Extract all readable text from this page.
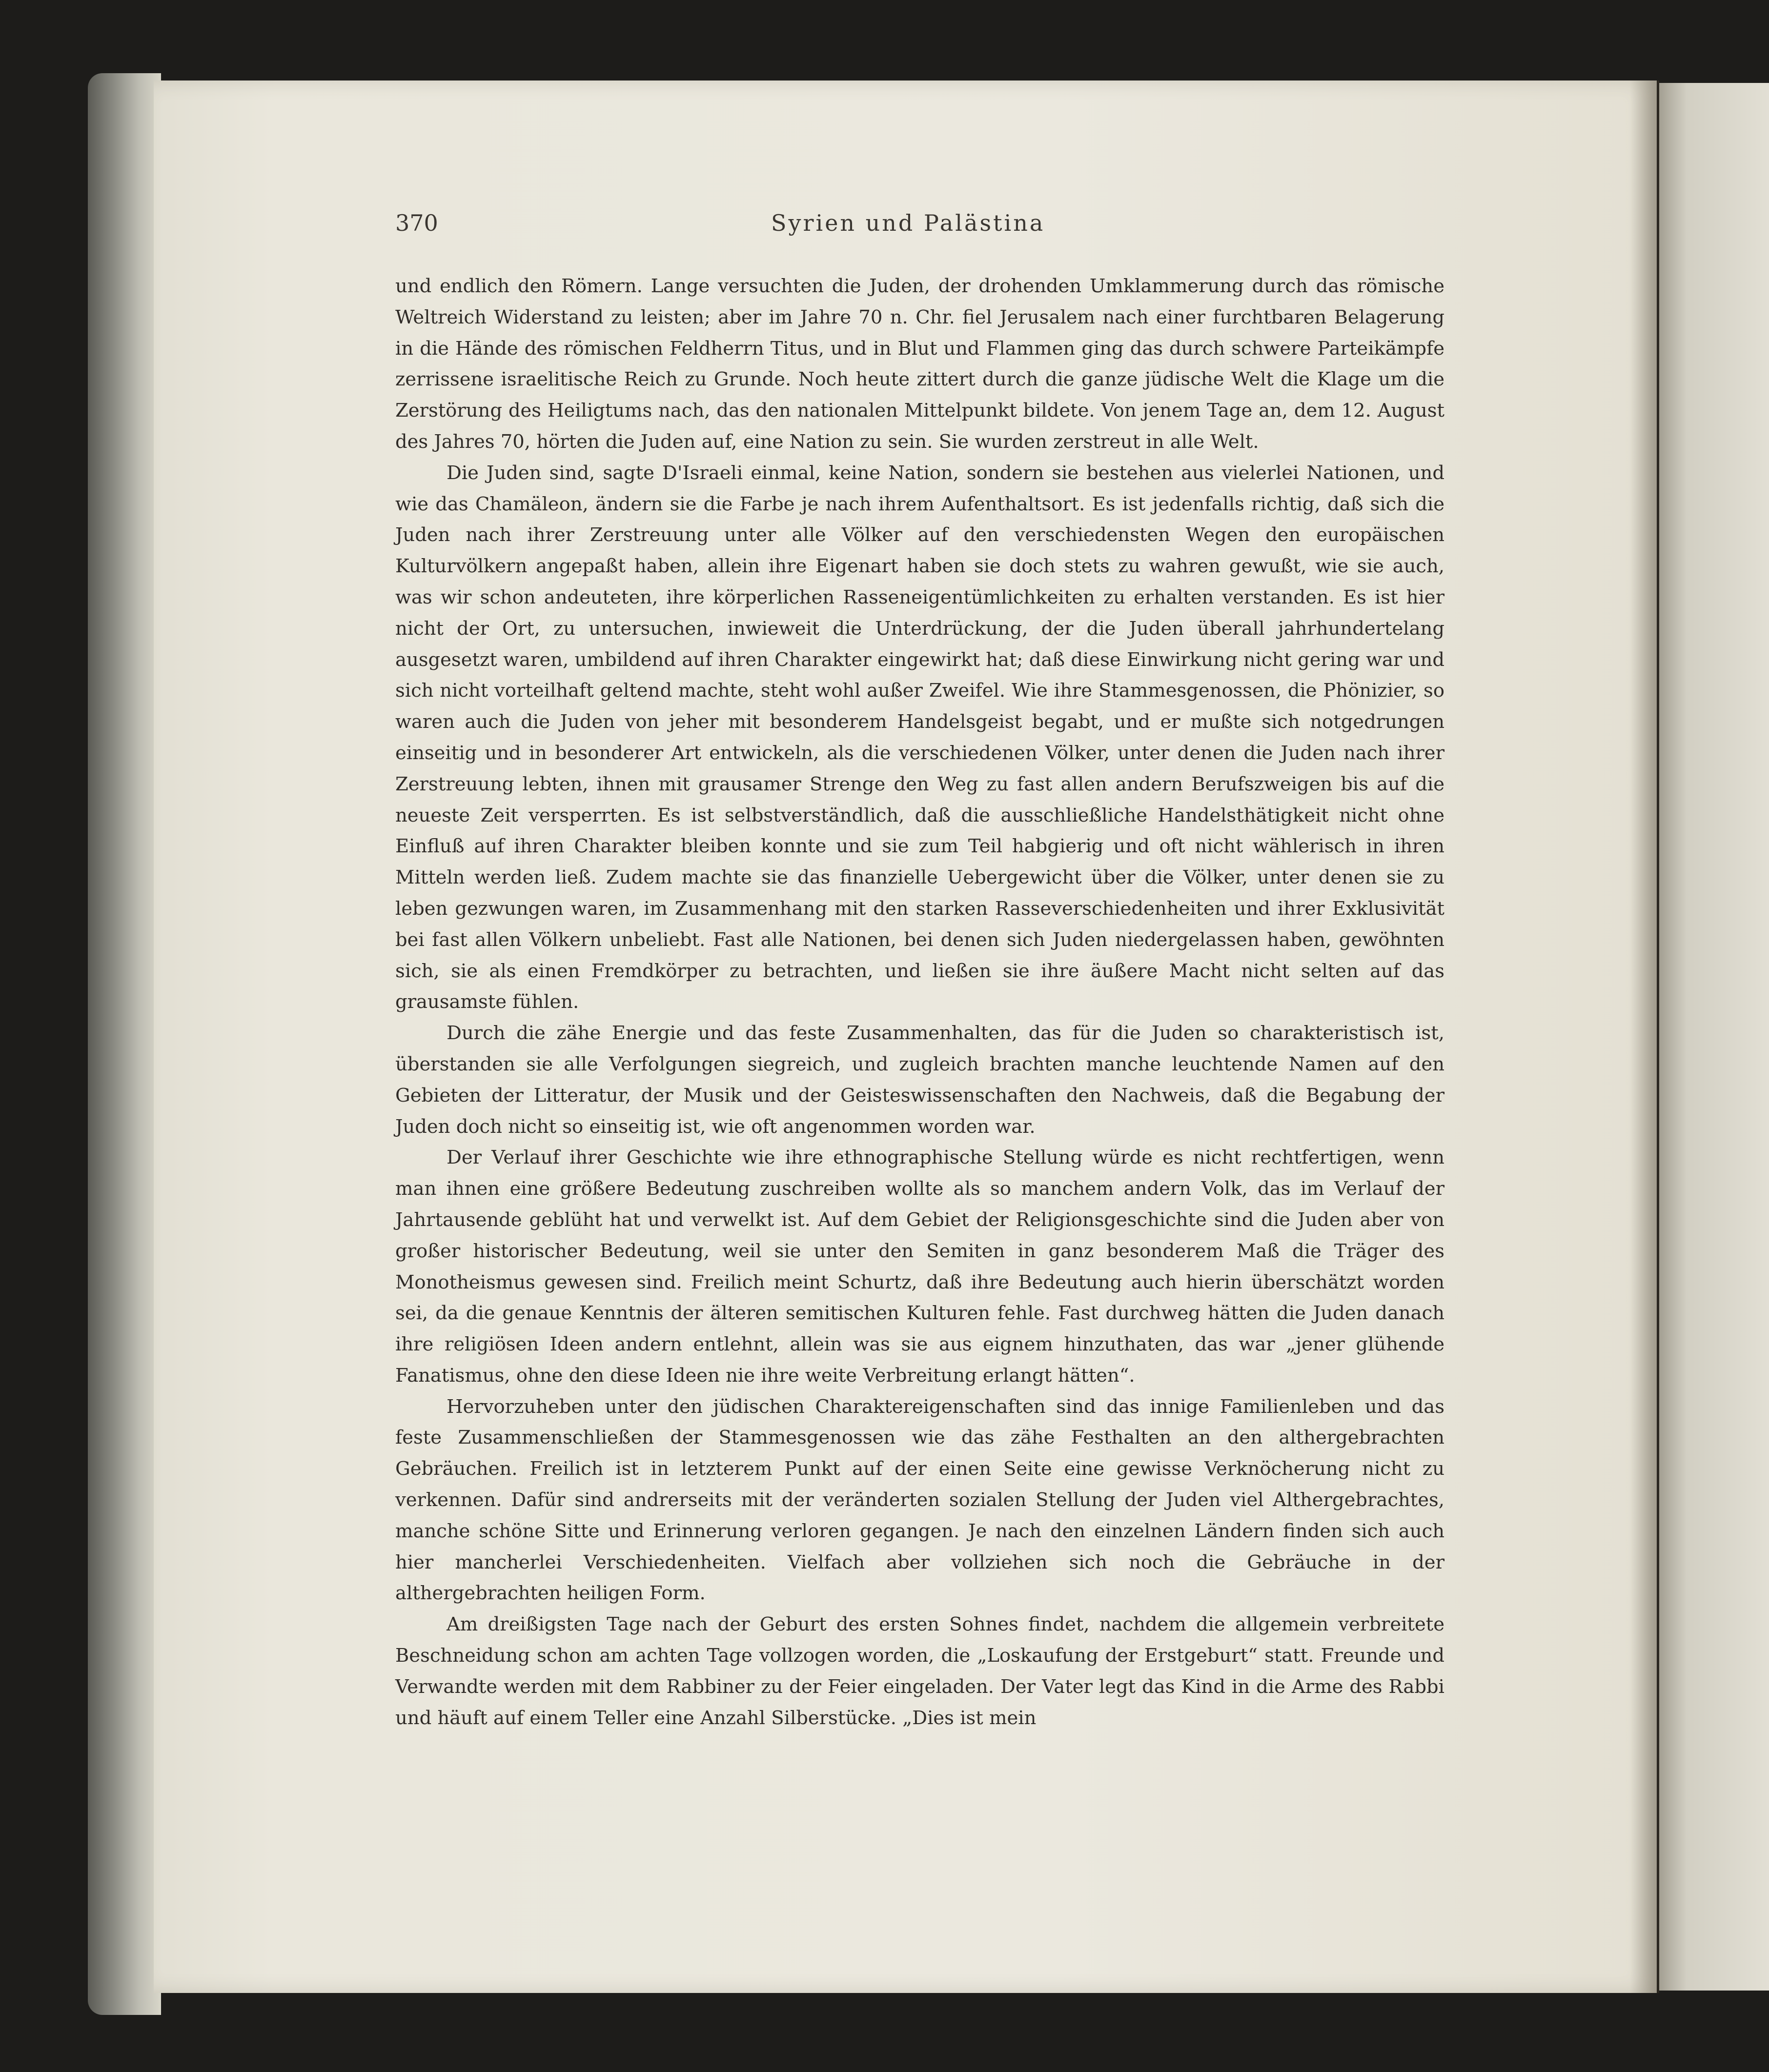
370	Syrien und Palästina

und endlich den Römern. Lange versuchten die Juden, der drohenden Umklammerung durch das römische Weltreich Widerstand zu leisten; aber im Jahre 70 n. Chr. fiel Jerusalem nach einer furchtbaren Belagerung in die Hände des römischen Feldherrn Titus, und in Blut und Flammen ging das durch schwere Parteikämpfe zerrissene israelitische Reich zu Grunde. Noch heute zittert durch die ganze jüdische Welt die Klage um die Zerstörung des Heiligtums nach, das den nationalen Mittelpunkt bildete. Von jenem Tage an, dem 12. August des Jahres 70, hörten die Juden auf, eine Nation zu sein. Sie wurden zerstreut in alle Welt.

Die Juden sind, sagte D'Israeli einmal, keine Nation, sondern sie bestehen aus vielerlei Nationen, und wie das Chamäleon, ändern sie die Farbe je nach ihrem Aufenthaltsort. Es ist jedenfalls richtig, daß sich die Juden nach ihrer Zerstreuung unter alle Völker auf den verschiedensten Wegen den europäischen Kulturvölkern angepaßt haben, allein ihre Eigenart haben sie doch stets zu wahren gewußt, wie sie auch, was wir schon andeuteten, ihre körperlichen Rasseneigentümlichkeiten zu erhalten verstanden. Es ist hier nicht der Ort, zu untersuchen, inwieweit die Unterdrückung, der die Juden überall jahrhundertelang ausgesetzt waren, umbildend auf ihren Charakter eingewirkt hat; daß diese Einwirkung nicht gering war und sich nicht vorteilhaft geltend machte, steht wohl außer Zweifel. Wie ihre Stammesgenossen, die Phönizier, so waren auch die Juden von jeher mit besonderem Handelsgeist begabt, und er mußte sich notgedrungen einseitig und in besonderer Art entwickeln, als die verschiedenen Völker, unter denen die Juden nach ihrer Zerstreuung lebten, ihnen mit grausamer Strenge den Weg zu fast allen andern Berufszweigen bis auf die neueste Zeit versperrten. Es ist selbstverständlich, daß die ausschließliche Handelsthätigkeit nicht ohne Einfluß auf ihren Charakter bleiben konnte und sie zum Teil habgierig und oft nicht wählerisch in ihren Mitteln werden ließ. Zudem machte sie das finanzielle Uebergewicht über die Völker, unter denen sie zu leben gezwungen waren, im Zusammenhang mit den starken Rasseverschiedenheiten und ihrer Exklusivität bei fast allen Völkern unbeliebt. Fast alle Nationen, bei denen sich Juden niedergelassen haben, gewöhnten sich, sie als einen Fremdkörper zu betrachten, und ließen sie ihre äußere Macht nicht selten auf das grausamste fühlen.

Durch die zähe Energie und das feste Zusammenhalten, das für die Juden so charakteristisch ist, überstanden sie alle Verfolgungen siegreich, und zugleich brachten manche leuchtende Namen auf den Gebieten der Litteratur, der Musik und der Geisteswissenschaften den Nachweis, daß die Begabung der Juden doch nicht so einseitig ist, wie oft angenommen worden war.

Der Verlauf ihrer Geschichte wie ihre ethnographische Stellung würde es nicht rechtfertigen, wenn man ihnen eine größere Bedeutung zuschreiben wollte als so manchem andern Volk, das im Verlauf der Jahrtausende geblüht hat und verwelkt ist. Auf dem Gebiet der Religionsgeschichte sind die Juden aber von großer historischer Bedeutung, weil sie unter den Semiten in ganz besonderem Maß die Träger des Monotheismus gewesen sind. Freilich meint Schurtz, daß ihre Bedeutung auch hierin überschätzt worden sei, da die genaue Kenntnis der älteren semitischen Kulturen fehle. Fast durchweg hätten die Juden danach ihre religiösen Ideen andern entlehnt, allein was sie aus eignem hinzuthaten, das war „jener glühende Fanatismus, ohne den diese Ideen nie ihre weite Verbreitung erlangt hätten“.

Hervorzuheben unter den jüdischen Charaktereigenschaften sind das innige Familienleben und das feste Zusammenschließen der Stammesgenossen wie das zähe Festhalten an den althergebrachten Gebräuchen. Freilich ist in letzterem Punkt auf der einen Seite eine gewisse Verknöcherung nicht zu verkennen. Dafür sind andrerseits mit der veränderten sozialen Stellung der Juden viel Althergebrachtes, manche schöne Sitte und Erinnerung verloren gegangen. Je nach den einzelnen Ländern finden sich auch hier mancherlei Verschiedenheiten. Vielfach aber vollziehen sich noch die Gebräuche in der althergebrachten heiligen Form.

Am dreißigsten Tage nach der Geburt des ersten Sohnes findet, nachdem die allgemein verbreitete Beschneidung schon am achten Tage vollzogen worden, die „Loskaufung der Erstgeburt“ statt. Freunde und Verwandte werden mit dem Rabbiner zu der Feier eingeladen. Der Vater legt das Kind in die Arme des Rabbi und häuft auf einem Teller eine Anzahl Silberstücke. „Dies ist mein
